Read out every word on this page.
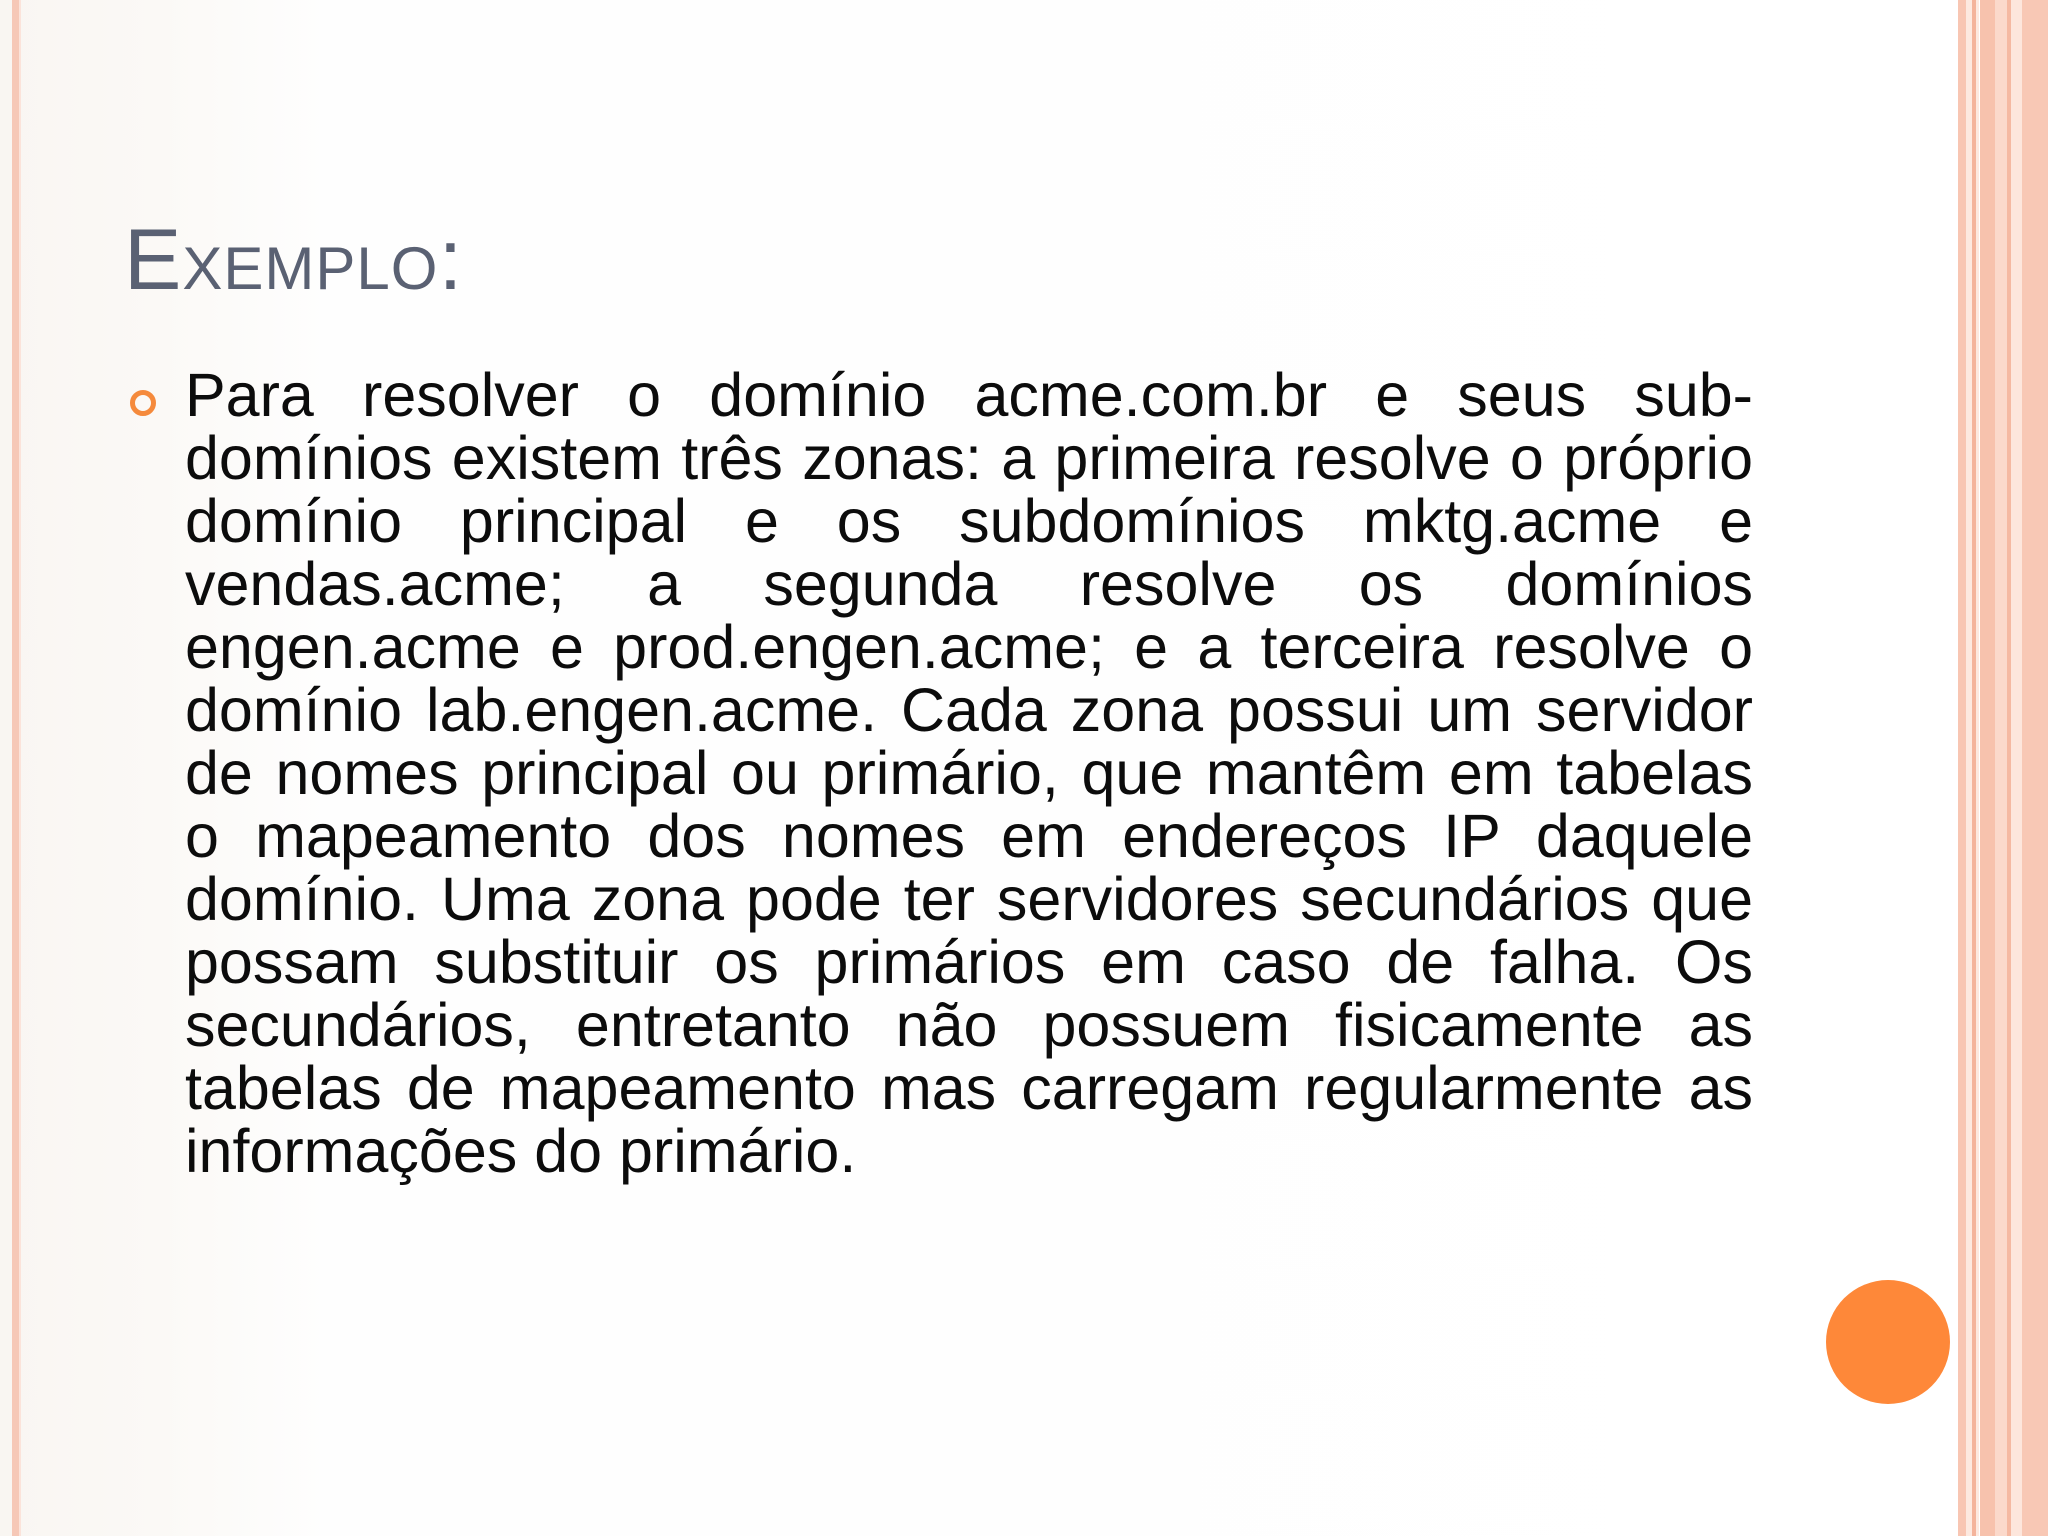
Exemplo:

Para resolver o domínio acme.com.br e seus sub-domínios existem três zonas: a primeira resolve o próprio domínio principal e os subdomínios mktg.acme e vendas.acme; a segunda resolve os domínios engen.acme e prod.engen.acme; e a terceira resolve o domínio lab.engen.acme. Cada zona possui um servidor de nomes principal ou primário, que mantêm em tabelas o mapeamento dos nomes em endereços IP daquele domínio. Uma zona pode ter servidores secundários que possam substituir os primários em caso de falha. Os secundários, entretanto não possuem fisicamente as tabelas de mapeamento mas carregam regularmente as informações do primário.
